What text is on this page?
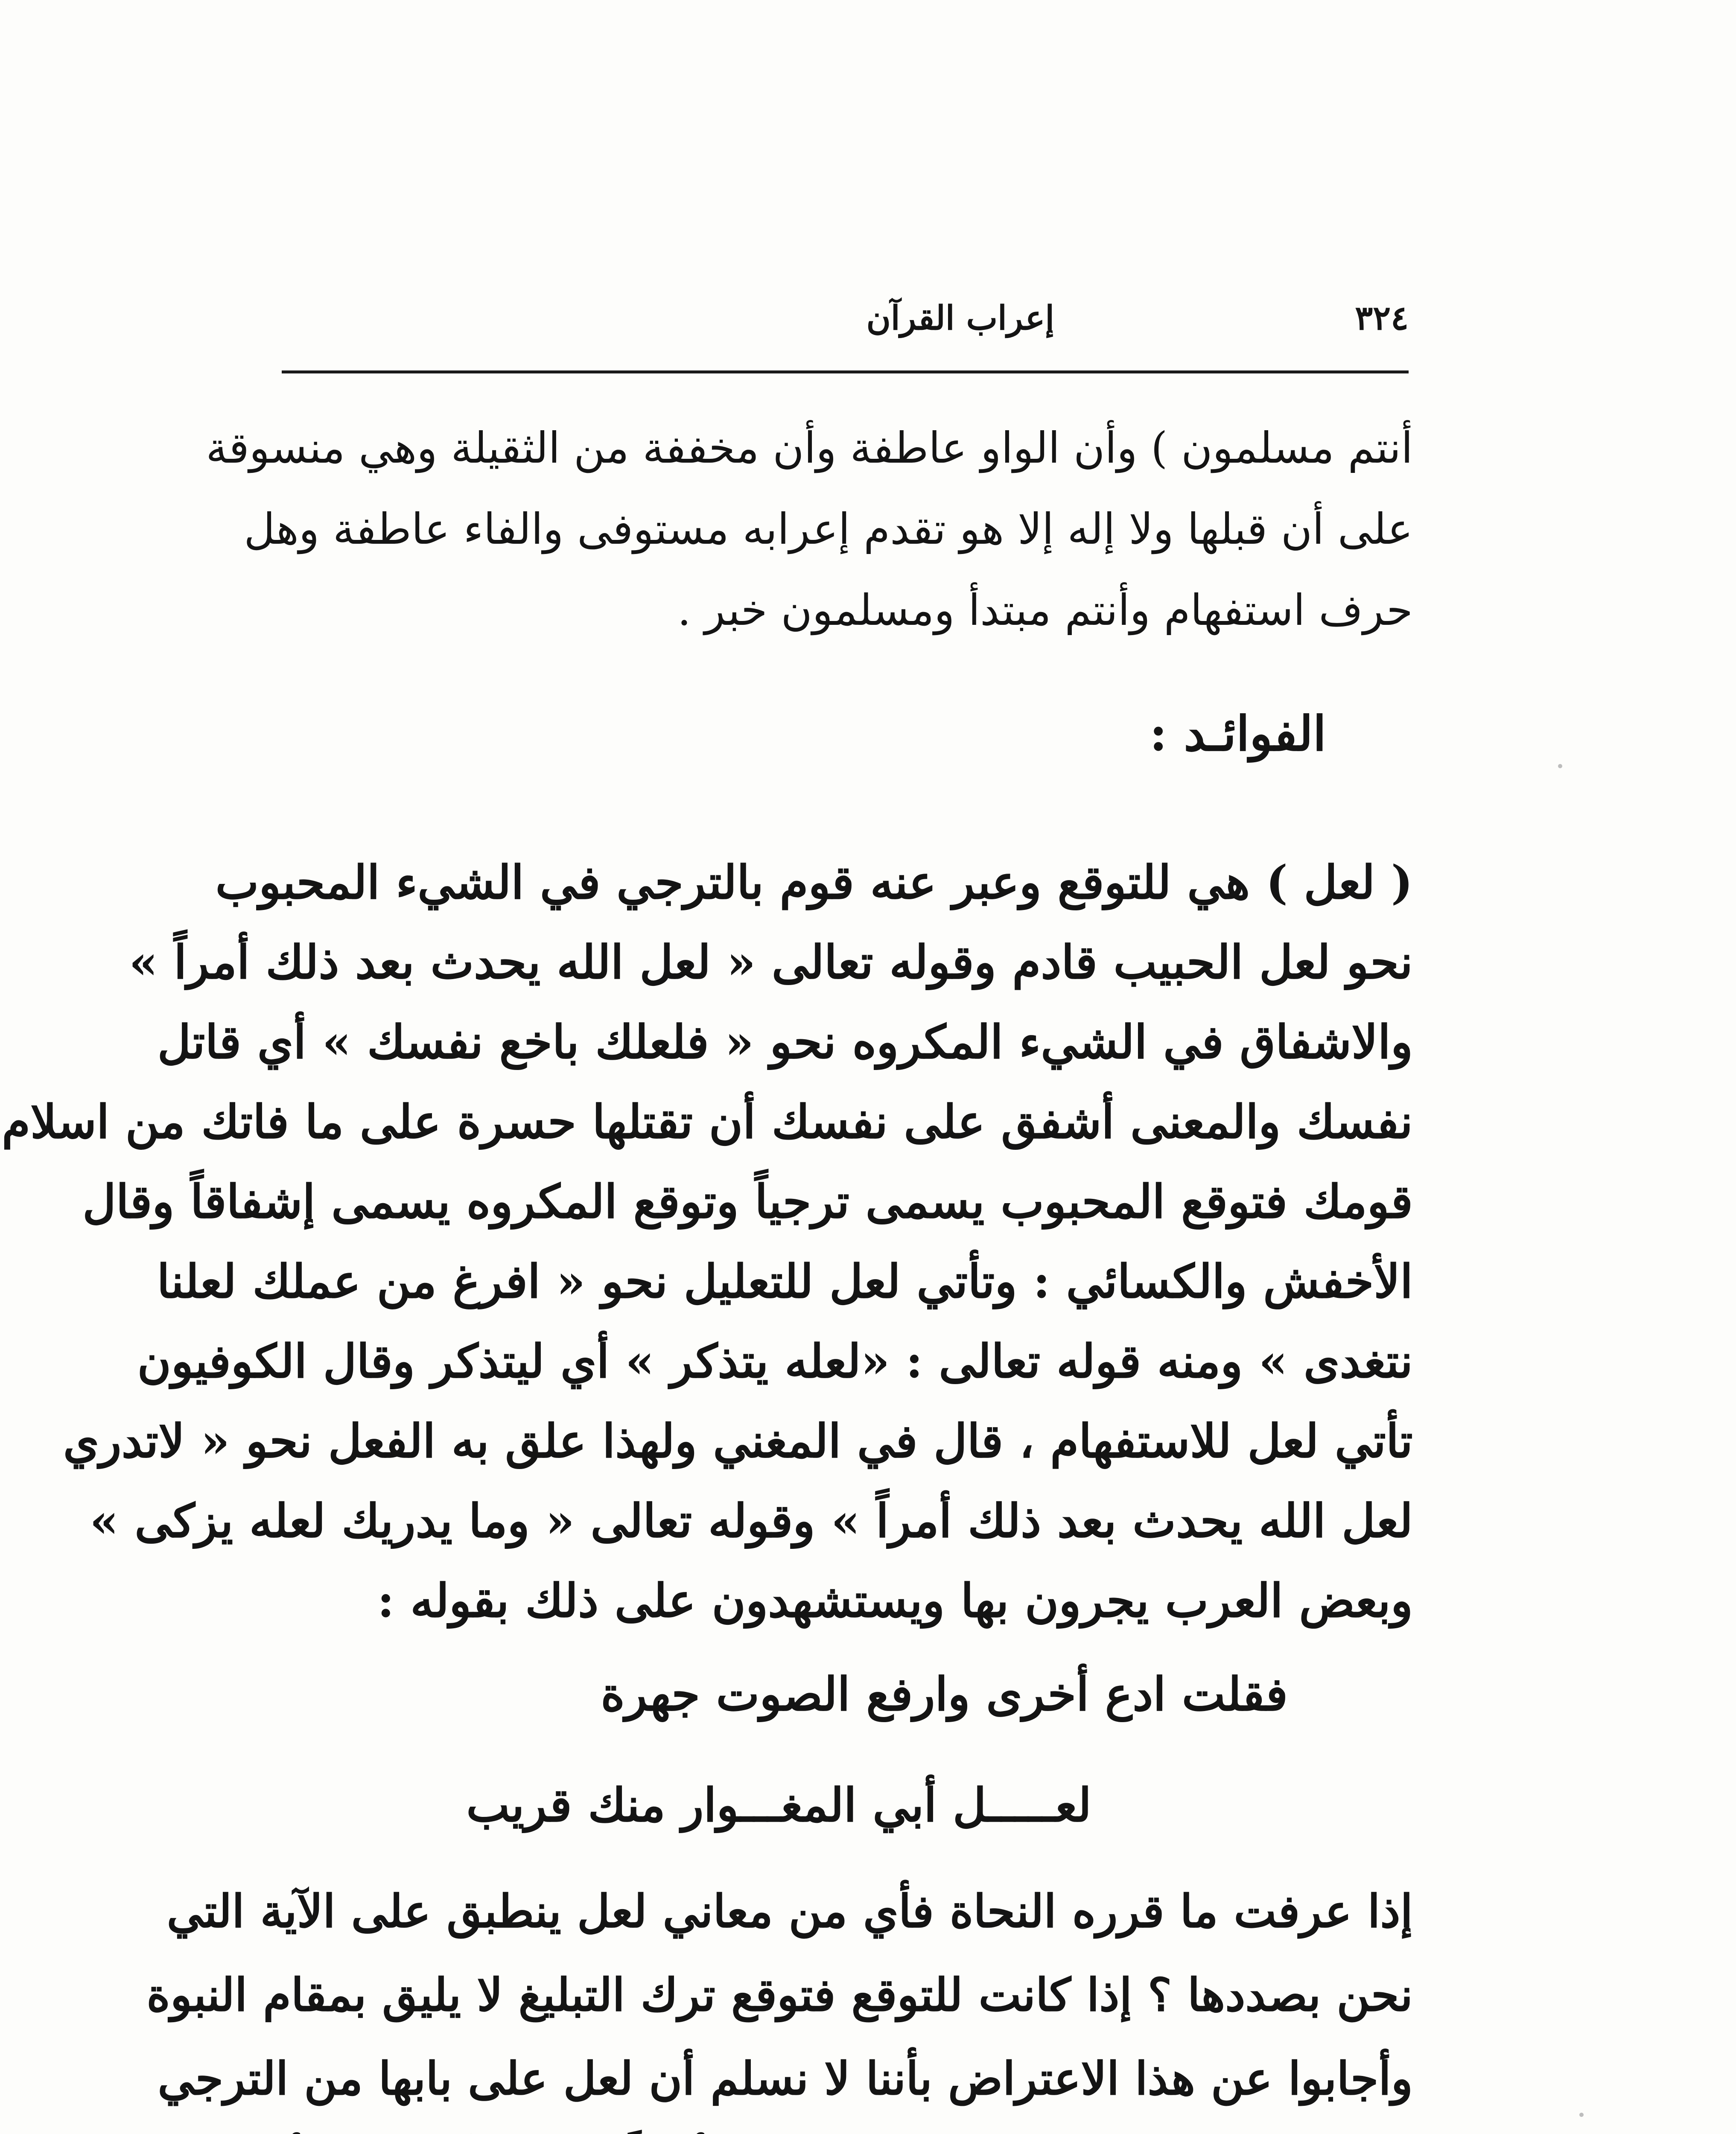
٣٢٤
إعراب القرآن
أنتم مسلمون ) وأن الواو عاطفة وأن مخففة من الثقيلة وهي منسوقة
على أن قبلها ولا إله إلا هو تقدم إعرابه مستوفى والفاء عاطفة وهل
حرف استفهام وأنتم مبتدأ ومسلمون خبر .
الفوائـد :
( لعل ) هي للتوقع وعبر عنه قوم بالترجي في الشيء المحبوب
نحو لعل الحبيب قادم وقوله تعالى « لعل الله يحدث بعد ذلك أمراً »
والاشفاق في الشيء المكروه نحو « فلعلك باخع نفسك » أي قاتل
نفسك والمعنى أشفق على نفسك أن تقتلها حسرة على ما فاتك من اسلام
قومك فتوقع المحبوب يسمى ترجياً وتوقع المكروه يسمى إشفاقاً وقال
الأخفش والكسائي : وتأتي لعل للتعليل نحو « افرغ من عملك لعلنا
نتغدى » ومنه قوله تعالى : «لعله يتذكر » أي ليتذكر وقال الكوفيون
تأتي لعل للاستفهام ، قال في المغني ولهذا علق به الفعل نحو « لاتدري
لعل الله يحدث بعد ذلك أمراً » وقوله تعالى « وما يدريك لعله يزكى »
وبعض العرب يجرون بها ويستشهدون على ذلك بقوله :
فقلت ادع أخرى وارفع الصوت جهرة
لعـــــل أبي المغـــوار منك قريب
إذا عرفت ما قرره النحاة فأي من معاني لعل ينطبق على الآية التي
نحن بصددها ؟ إذا كانت للتوقع فتوقع ترك التبليغ لا يليق بمقام النبوة
وأجابوا عن هذا الاعتراض بأننا لا نسلم أن لعل على بابها من الترجي
